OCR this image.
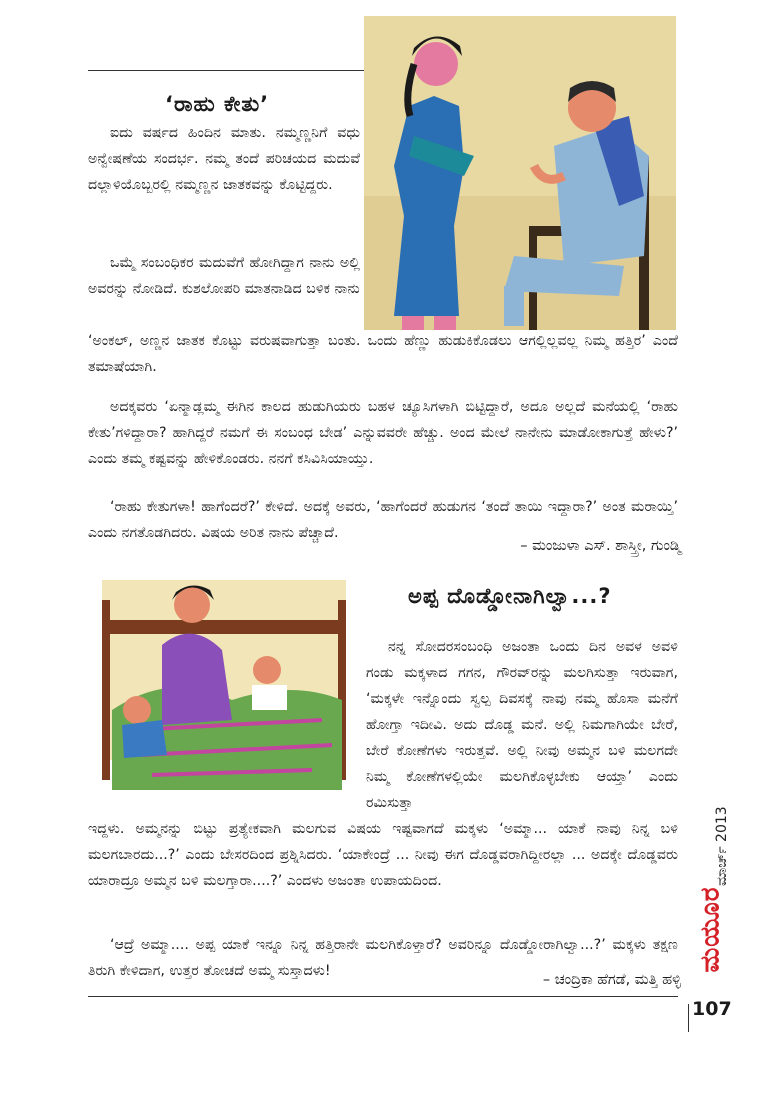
‘ರಾಹು ಕೇತು’

ಐದು ವರ್ಷದ ಹಿಂದಿನ ಮಾತು. ನಮ್ಮಣ್ಣನಿಗೆ ವಧು ಅನ್ವೇಷಣೆಯ ಸಂದರ್ಭ. ನಮ್ಮ ತಂದೆ ಪರಿಚಯದ ಮದುವೆ ದಲ್ಲಾಳಿಯೊಬ್ಬರಲ್ಲಿ ನಮ್ಮಣ್ಣನ ಜಾತಕವನ್ನು ಕೊಟ್ಟಿದ್ದರು.

ಒಮ್ಮೆ ಸಂಬಂಧಿಕರ ಮದುವೆಗೆ ಹೋಗಿದ್ದಾಗ ನಾನು ಅಲ್ಲಿ ಅವರನ್ನು ನೋಡಿದೆ. ಕುಶಲೋಪರಿ ಮಾತನಾಡಿದ ಬಳಿಕ ನಾನು

‘ಅಂಕಲ್, ಅಣ್ಣನ ಜಾತಕ ಕೊಟ್ಟು ವರುಷವಾಗುತ್ತಾ ಬಂತು. ಒಂದು ಹೆಣ್ಣು ಹುಡುಕಿಕೊಡಲು ಆಗಲ್ಲಿಲ್ಲವಲ್ಲ ನಿಮ್ಮ ಹತ್ತಿರ’ ಎಂದೆ ತಮಾಷೆಯಾಗಿ.

ಅದಕ್ಕವರು ‘ಏನ್ಮಾಡ್ಲಮ್ಮ ಈಗಿನ ಕಾಲದ ಹುಡುಗಿಯರು ಬಹಳ ಚ್ಯೂಸಿಗಳಾಗಿ ಬಿಟ್ಟಿದ್ದಾರೆ, ಅದೂ ಅಲ್ಲದೆ ಮನೆಯಲ್ಲಿ ‘ರಾಹು ಕೇತು’ಗಳಿದ್ದಾರಾ? ಹಾಗಿದ್ದರೆ ನಮಗೆ ಈ ಸಂಬಂಧ ಬೇಡ’ ಎನ್ನುವವರೇ ಹೆಚ್ಚು. ಅಂದ ಮೇಲೆ ನಾನೇನು ಮಾಡೋಕಾಗುತ್ತೆ ಹೇಳು?’ ಎಂದು ತಮ್ಮ ಕಷ್ಟವನ್ನು ಹೇಳಿಕೊಂಡರು. ನನಗೆ ಕಸಿವಿಸಿಯಾಯ್ತು.

‘ರಾಹು ಕೇತುಗಳಾ! ಹಾಗೆಂದರೆ?’ ಕೇಳಿದೆ. ಅದಕ್ಕೆ ಅವರು, ‘ಹಾಗೆಂದರೆ ಹುಡುಗನ ‘ತಂದೆ ತಾಯಿ ಇದ್ದಾರಾ?’ ಅಂತ ಮರಾಯ್ತಿ’ ಎಂದು ನಗತೊಡಗಿದರು. ವಿಷಯ ಅರಿತ ನಾನು ಪೆಚ್ಚಾದೆ.

– ಮಂಜುಳಾ ಎಸ್. ಶಾಸ್ತ್ರೀ, ಗುಂಡ್ಮಿ
ಅಪ್ಪ ದೊಡ್ಡೋನಾಗಿಲ್ವಾ...?

ನನ್ನ ಸೋದರಸಂಬಂಧಿ ಅಜಂತಾ ಒಂದು ದಿನ ಅವಳ ಅವಳಿ ಗಂಡು ಮಕ್ಕಳಾದ ಗಗನ, ಗೌರವ್‌ರನ್ನು ಮಲಗಿಸುತ್ತಾ ಇರುವಾಗ, ‘ಮಕ್ಕಳೇ ಇನ್ನೊಂದು ಸ್ವಲ್ಪ ದಿವಸಕ್ಕೆ ನಾವು ನಮ್ಮ ಹೊಸಾ ಮನೆಗೆ ಹೋಗ್ತಾ ಇದೀವಿ. ಅದು ದೊಡ್ಡ ಮನೆ. ಅಲ್ಲಿ ನಿಮಗಾಗಿಯೇ ಬೇರೆ, ಬೇರೆ ಕೋಣೆಗಳು ಇರುತ್ತವೆ. ಅಲ್ಲಿ ನೀವು ಅಮ್ಮನ ಬಳಿ ಮಲಗದೇ ನಿಮ್ಮ ಕೋಣೆಗಳಲ್ಲಿಯೇ ಮಲಗಿಕೊಳ್ಳಬೇಕು ಆಯ್ತಾ’ ಎಂದು ರಮಿಸುತ್ತಾ

ಇದ್ದಳು. ಅಮ್ಮನನ್ನು ಬಿಟ್ಟು ಪ್ರತ್ಯೇಕವಾಗಿ ಮಲಗುವ ವಿಷಯ ಇಷ್ಟವಾಗದೆ ಮಕ್ಕಳು ‘ಅಮ್ಮಾ... ಯಾಕೆ ನಾವು ನಿನ್ನ ಬಳಿ ಮಲಗಬಾರದು...?’ ಎಂದು ಬೇಸರದಿಂದ ಪ್ರಶ್ನಿಸಿದರು. ‘ಯಾಕೇಂದ್ರೆ ... ನೀವು ಈಗ ದೊಡ್ಡವರಾಗಿದ್ದೀರಲ್ಲಾ ... ಅದಕ್ಕೇ ದೊಡ್ಡವರು ಯಾರಾದ್ರೂ ಅಮ್ಮನ ಬಳಿ ಮಲಗ್ತಾರಾ....?’ ಎಂದಳು ಅಜಂತಾ ಉಪಾಯದಿಂದ.

‘ಆದ್ರೆ ಅಮ್ಮಾ.... ಅಪ್ಪ ಯಾಕೆ ಇನ್ನೂ ನಿನ್ನ ಹತ್ತಿರಾನೇ ಮಲಗಿಕೊಳ್ತಾರೆ? ಅವರಿನ್ನೂ ದೊಡ್ಡೋರಾಗಿಲ್ವಾ...?’ ಮಕ್ಕಳು ತಕ್ಷಣ ತಿರುಗಿ ಕೇಳಿದಾಗ, ಉತ್ತರ ತೋಚದೆ ಅಮ್ಮ ಸುಸ್ತಾದಳು!

– ಚಂದ್ರಿಕಾ ಹೆಗಡೆ, ಮತ್ತಿ ಹಳ್ಳಿ
ಮಾರ್ಚ್ 2013
ಮಯೂರ
107
